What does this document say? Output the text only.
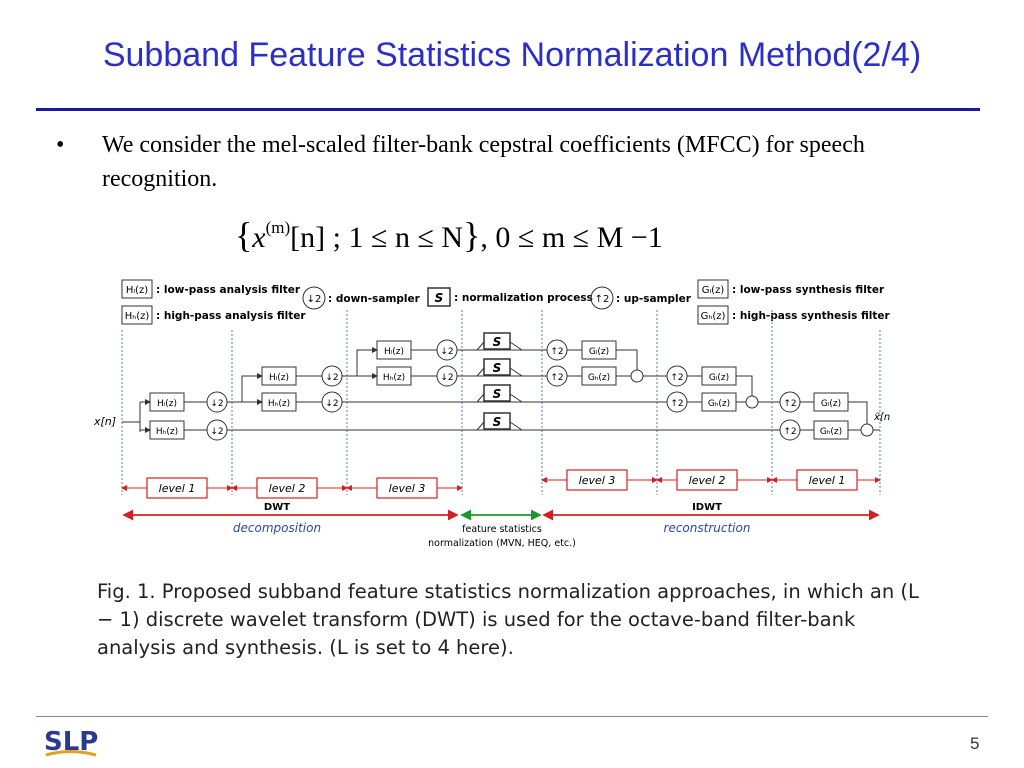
Subband Feature Statistics Normalization Method(2/4)
• We consider the mel-scaled filter-bank cepstral coefficients (MFCC) for speech recognition.
{$x^{(m)}[n]$ ; 1 ≤ n ≤ N}, 0 ≤ m ≤ M −1
Hₗ(z) : low-pass analysis filter
Hₕ(z) : high-pass analysis filter
↓2 : down-sampler S : normalization process ↑2 : up-sampler
Gₗ(z) : low-pass synthesis filter
Gₕ(z) : high-pass synthesis filter
x[n]
Hₗ(z)
Hₕ(z)
↓2
↓2
Hₗ(z)
Hₕ(z)
↓2
↓2
Hₗ(z)
Hₕ(z)
↓2
↓2
S
S
S
S
↑2
↑2
Gₗ(z)
Gₕ(z)	↑2
↑2
Gₗ(z)
Gₕ(z)	↑2
↑2
Gₗ(z)
Gₕ(z)
x̃[n
level 1	level 2	level 3
level 3	level 2	level 1
DWT
decomposition	feature statistics
normalization (MVN, HEQ, etc.)
IDWT
reconstruction
Fig. 1. Proposed subband feature statistics normalization approaches, in which an (L − 1) discrete wavelet transform (DWT) is used for the octave-band filter-bank analysis and synthesis. (L is set to 4 here).
SLP	5
